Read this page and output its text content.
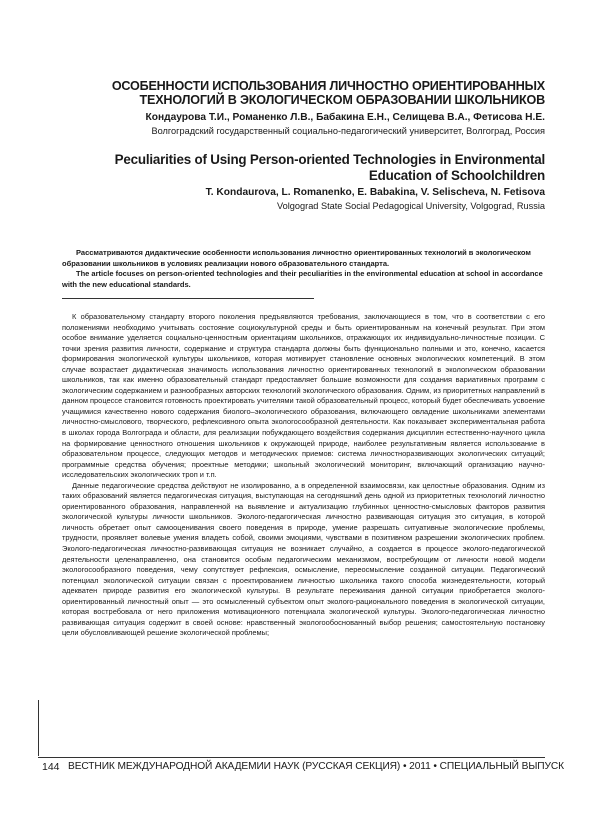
ОСОБЕННОСТИ ИСПОЛЬЗОВАНИЯ ЛИЧНОСТНО ОРИЕНТИРОВАННЫХ
ТЕХНОЛОГИЙ В ЭКОЛОГИЧЕСКОМ ОБРАЗОВАНИИ ШКОЛЬНИКОВ
Кондаурова Т.И., Романенко Л.В., Бабакина Е.Н., Селищева В.А., Фетисова Н.Е.
Волгоградский государственный социально-педагогический университет, Волгоград, Россия
Peculiarities of Using Person-oriented Technologies in Environmental
Education of Schoolchildren
T. Kondaurova, L. Romanenko, E. Babakina, V. Selischeva, N. Fetisova
Volgograd State Social Pedagogical University, Volgograd, Russia

Рассматриваются дидактические особенности использования личностно ориентированных технологий в экологическом образовании школьников в условиях реализации нового образовательного стандарта.

The article focuses on person-oriented technologies and their peculiarities in the environmental education at school in accordance with the new educational standards.

К образовательному стандарту второго поколения предъявляются требования, заключающиеся в том, что в соответствии с его положениями необходимо учитывать состояние социокультурной среды и быть ориентированным на конечный результат. При этом особое внимание уделяется социально-ценностным ориентациям школьников, отражающих их индивидуально-личностные позиции. С точки зрения развития личности, содержание и структура стандарта должны быть функционально полными и это, конечно, касается формирования экологической культуры школьников, которая мотивирует становление основных экологических компетенций. В этом случае возрастает дидактическая значимость использования личностно ориентированных технологий в экологическом образовании школьников, так как именно образовательный стандарт предоставляет большие возможности для создания вариативных программ с экологическим содержанием и разнообразных авторских технологий экологического образования. Одним, из приоритетных направлений в данном процессе становится готовность проектировать учителями такой образовательный процесс, который будет обеспечивать усвоение учащимися качественно нового содержания биолого–экологического образования, включающего овладение школьниками элементами личностно-смыслового, творческого, рефлексивного опыта экологосообразной деятельности. Как показывает экспериментальная работа в школах города Волгограда и области, для реализации побуждающего воздействия содержания дисциплин естественно-научного цикла на формирование ценностного отношения школьников к окружающей природе, наиболее результативным является использование в образовательном процессе, следующих методов и методических приемов: система личностноразвивающих экологических ситуаций; программные средства обучения; проектные методики; школьный экологический мониторинг, включающий организацию научно-исследовательских экологических троп и т.п.

Данные педагогические средства действуют не изолированно, а в определенной взаимосвязи, как целостные образования. Одним из таких образований является педагогическая ситуация, выступающая на сегодняшний день одной из приоритетных технологий личностно ориентированного образования, направленной на выявление и актуализацию глубинных ценностно-смысловых факторов развития экологической культуры личности школьников. Эколого-педагогическая личностно развивающая ситуация это ситуация, в которой личность обретает опыт самооценивания своего поведения в природе, умение разрешать ситуативные экологические проблемы, трудности, проявляет волевые умения владеть собой, своими эмоциями, чувствами в позитивном разрешении экологических проблем. Эколого-педагогическая личностно-развивающая ситуация не возникает случайно, а создается в процессе эколого-педагогической деятельности целенаправленно, она становится особым педагогическим механизмом, востребующим от личности новой модели экологосообразного поведения, чему сопутствует рефлексия, осмысление, переосмысление созданной ситуации. Педагогический потенциал экологической ситуации связан с проектированием личностью школьника такого способа жизнедеятельности, который адекватен природе развития его экологической культуры. В результате переживания данной ситуации приобретается эколого-ориентированный личностный опыт — это осмысленный субъектом опыт эколого-рационального поведения в экологической ситуации, которая востребовала от него приложения мотивационного потенциала экологической культуры. Эколого-педагогическая личностно развивающая ситуация содержит в своей основе: нравственный экологообоснованный выбор решения; самостоятельную постановку цели обусловливающей решение экологической проблемы;

144 ВЕСТНИК МЕЖДУНАРОДНОЙ АКАДЕМИИ НАУК (РУССКАЯ СЕКЦИЯ) • 2011 • СПЕЦИАЛЬНЫЙ ВЫПУСК
